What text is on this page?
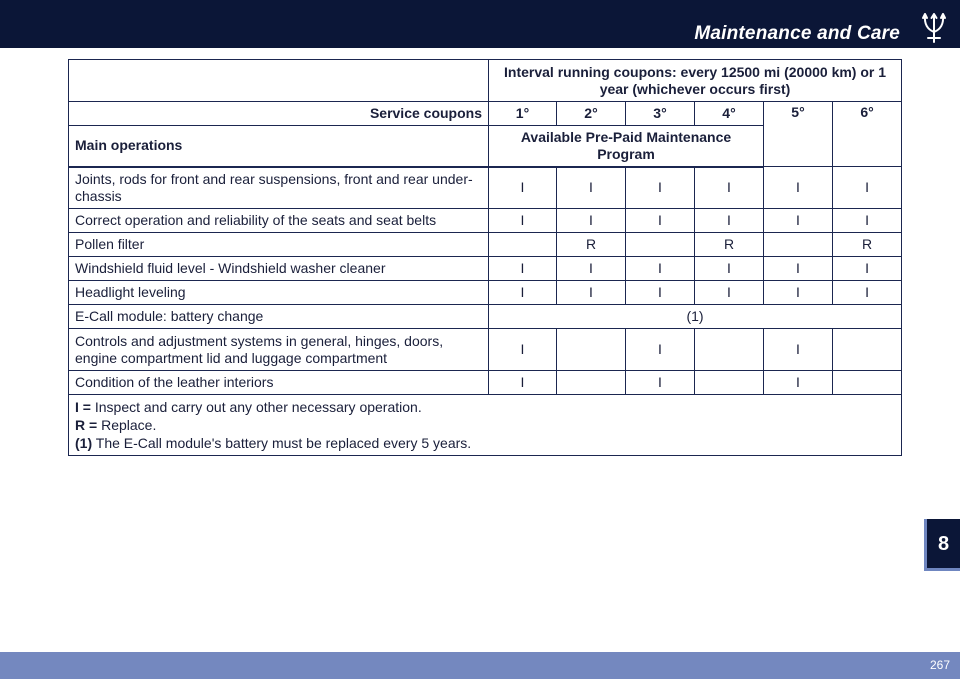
Maintenance and Care
	Interval running coupons: every 12500 mi (20000 km) or 1 year (whichever occurs first)					
Service coupons	1°	2°	3°	4°	5°	6°
Main operations	Available Pre-Paid Maintenance Program					
Joints, rods for front and rear suspensions, front and rear under-chassis	I	I	I	I	I	I
Correct operation and reliability of the seats and seat belts	I	I	I	I	I	I
Pollen filter		R		R		R
Windshield fluid level - Windshield washer cleaner	I	I	I	I	I	I
Headlight leveling	I	I	I	I	I	I
E-Call module: battery change	(1)					
Controls and adjustment systems in general, hinges, doors, engine compartment lid and luggage compartment	I		I		I	
Condition of the leather interiors	I		I		I	

I = Inspect and carry out any other necessary operation.
R = Replace.
(1) The E-Call module's battery must be replaced every 5 years.						
8
267
